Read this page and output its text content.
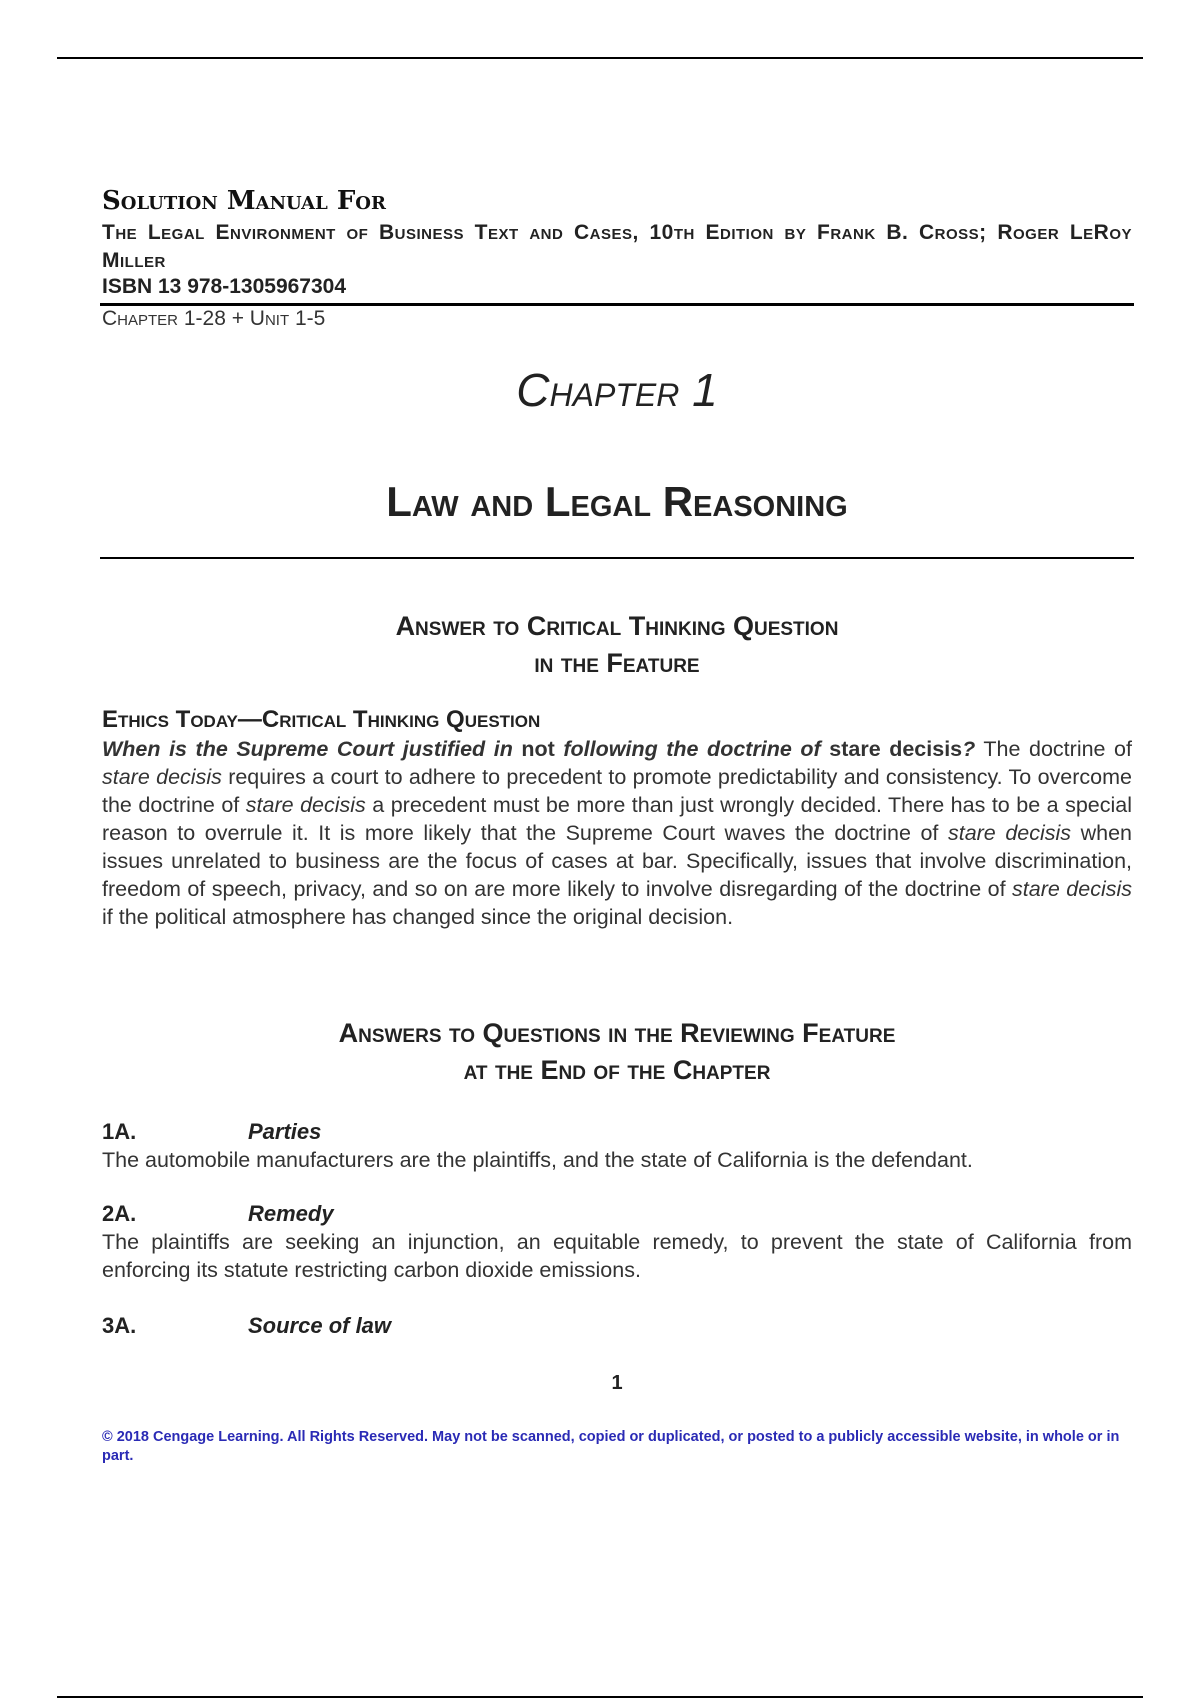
Solution Manual For
The Legal Environment of Business Text and Cases, 10th Edition by Frank B. Cross; Roger LeRoy Miller
ISBN 13 978-1305967304
Chapter 1-28 + Unit 1-5
Chapter 1
Law and Legal Reasoning
Answer to Critical Thinking Question
in the Feature
Ethics Today—Critical Thinking Question
When is the Supreme Court justified in not following the doctrine of stare decisis? The doctrine of stare decisis requires a court to adhere to precedent to promote predictability and consistency. To overcome the doctrine of stare decisis a precedent must be more than just wrongly decided. There has to be a special reason to overrule it. It is more likely that the Supreme Court waves the doctrine of stare decisis when issues unrelated to business are the focus of cases at bar. Specifically, issues that involve discrimination, freedom of speech, privacy, and so on are more likely to involve disregarding of the doctrine of stare decisis if the political atmosphere has changed since the original decision.
Answers to Questions in the Reviewing Feature
at the End of the Chapter
1A.	Parties
The automobile manufacturers are the plaintiffs, and the state of California is the defendant.
2A.	Remedy
The plaintiffs are seeking an injunction, an equitable remedy, to prevent the state of California from enforcing its statute restricting carbon dioxide emissions.
3A.	Source of law
1
© 2018 Cengage Learning. All Rights Reserved. May not be scanned, copied or duplicated, or posted to a publicly accessible website, in whole or in part.
